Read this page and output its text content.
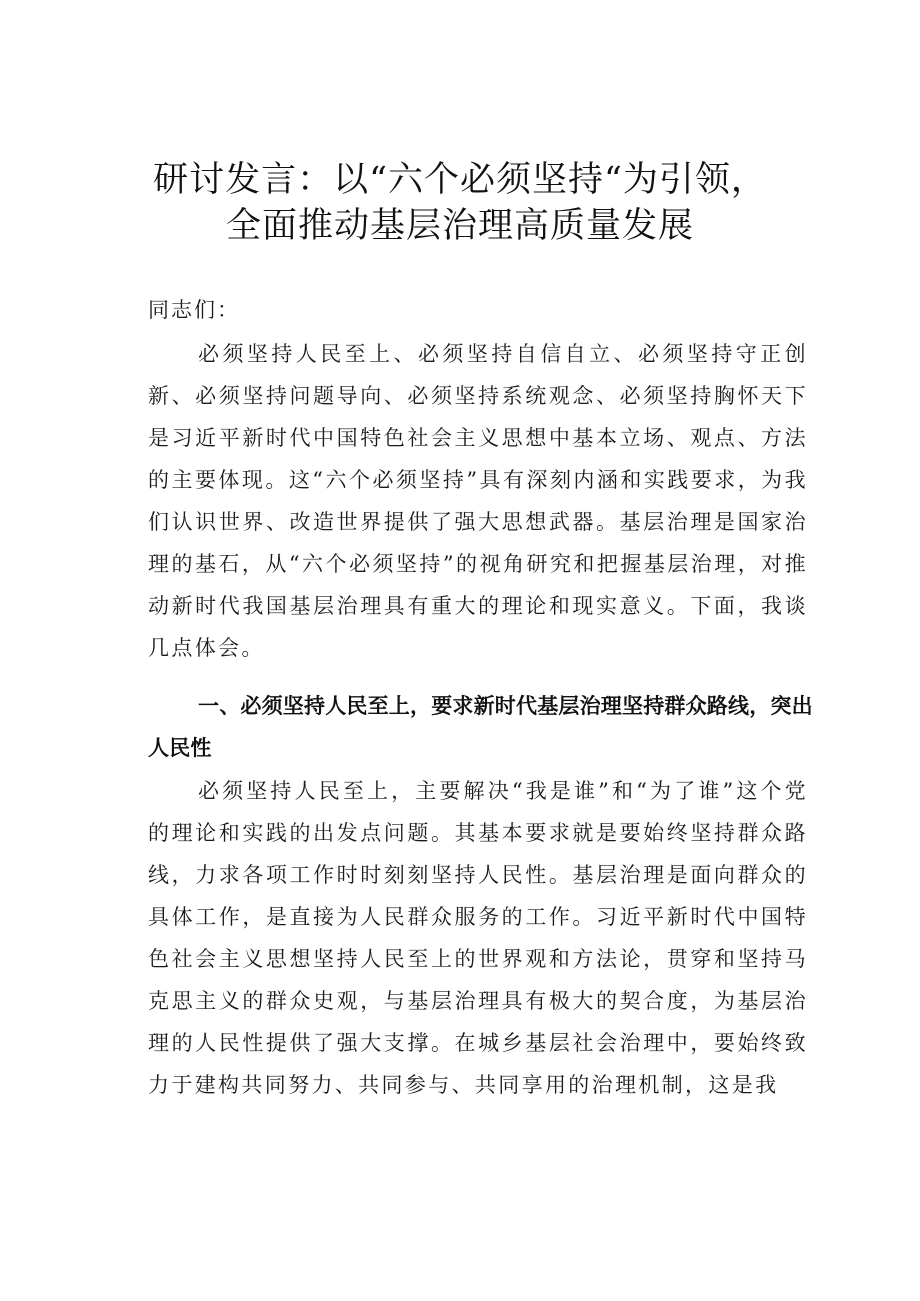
研讨发言：以“六个必须坚持“为引领，
全面推动基层治理高质量发展

同志们：

必须坚持人民至上、必须坚持自信自立、必须坚持守正创新、必须坚持问题导向、必须坚持系统观念、必须坚持胸怀天下是习近平新时代中国特色社会主义思想中基本立场、观点、方法的主要体现。这“六个必须坚持”具有深刻内涵和实践要求，为我们认识世界、改造世界提供了强大思想武器。基层治理是国家治理的基石，从“六个必须坚持”的视角研究和把握基层治理，对推动新时代我国基层治理具有重大的理论和现实意义。下面，我谈几点体会。

一、必须坚持人民至上，要求新时代基层治理坚持群众路线，突出人民性

必须坚持人民至上，主要解决“我是谁”和“为了谁”这个党的理论和实践的出发点问题。其基本要求就是要始终坚持群众路线，力求各项工作时时刻刻坚持人民性。基层治理是面向群众的具体工作，是直接为人民群众服务的工作。习近平新时代中国特色社会主义思想坚持人民至上的世界观和方法论，贯穿和坚持马克思主义的群众史观，与基层治理具有极大的契合度，为基层治理的人民性提供了强大支撑。在城乡基层社会治理中，要始终致力于建构共同努力、共同参与、共同享用的治理机制，这是我
